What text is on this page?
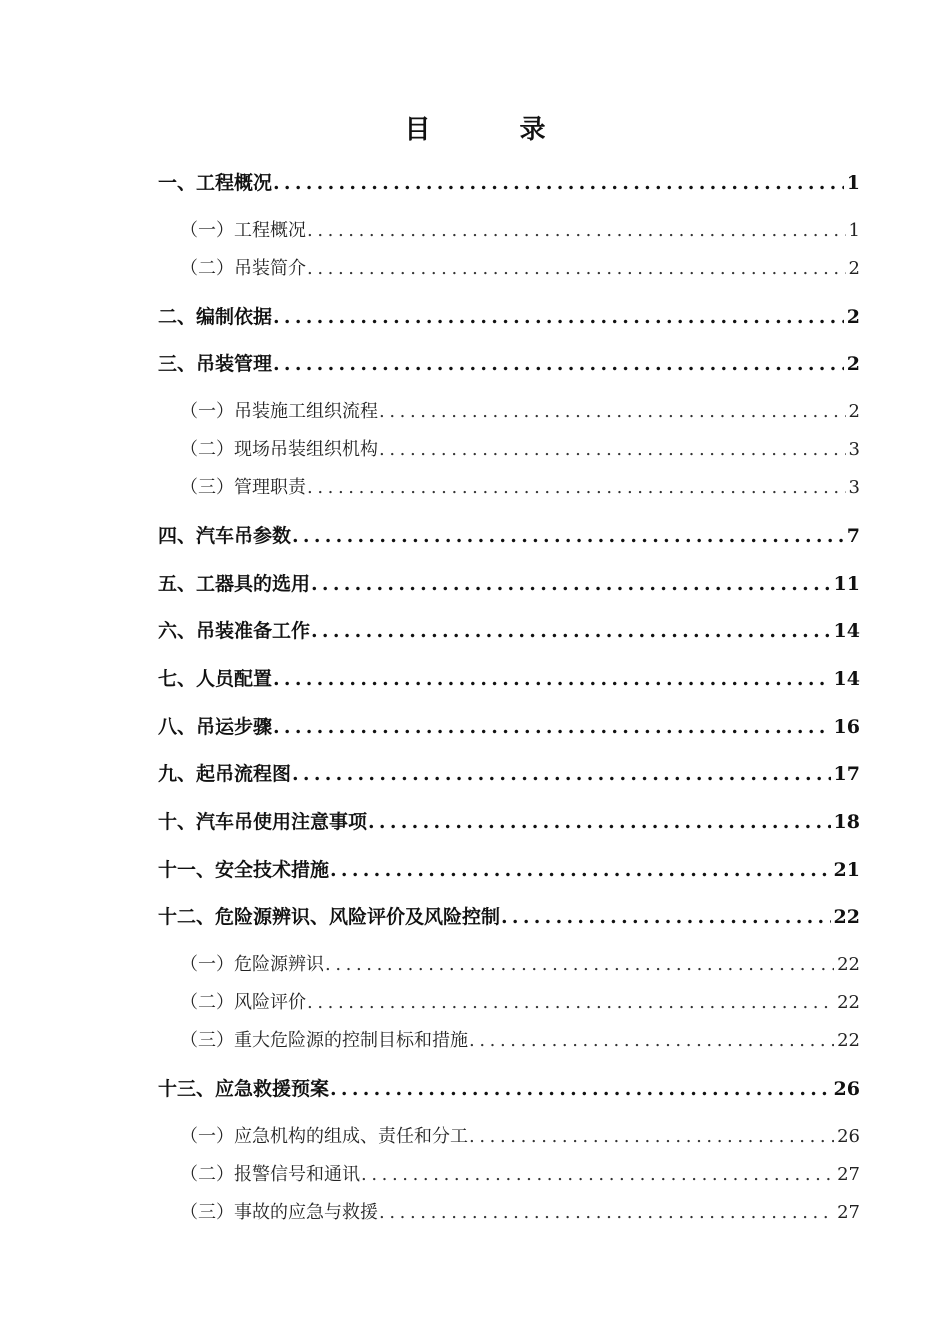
目 录
一、工程概况 .....	1
（一）工程概况 .....	1
（二）吊装简介 .....	2
二、编制依据 .....	2
三、吊装管理 .....	2
（一）吊装施工组织流程 .....	2
（二）现场吊装组织机构 .....	3
（三）管理职责 .....	3
四、汽车吊参数 .....	7
五、工器具的选用 .....	11
六、吊装准备工作 .....	14
七、人员配置 .....	14
八、吊运步骤 .....	16
九、起吊流程图 .....	17
十、汽车吊使用注意事项 .....	18
十一、安全技术措施 .....	21
十二、危险源辨识、风险评价及风险控制 .....	22
（一）危险源辨识 .....	22
（二）风险评价 .....	22
（三）重大危险源的控制目标和措施 .....	22
十三、应急救援预案 .....	26
（一）应急机构的组成、责任和分工 .....	26
（二）报警信号和通讯 .....	27
（三）事故的应急与救援 .....	27
